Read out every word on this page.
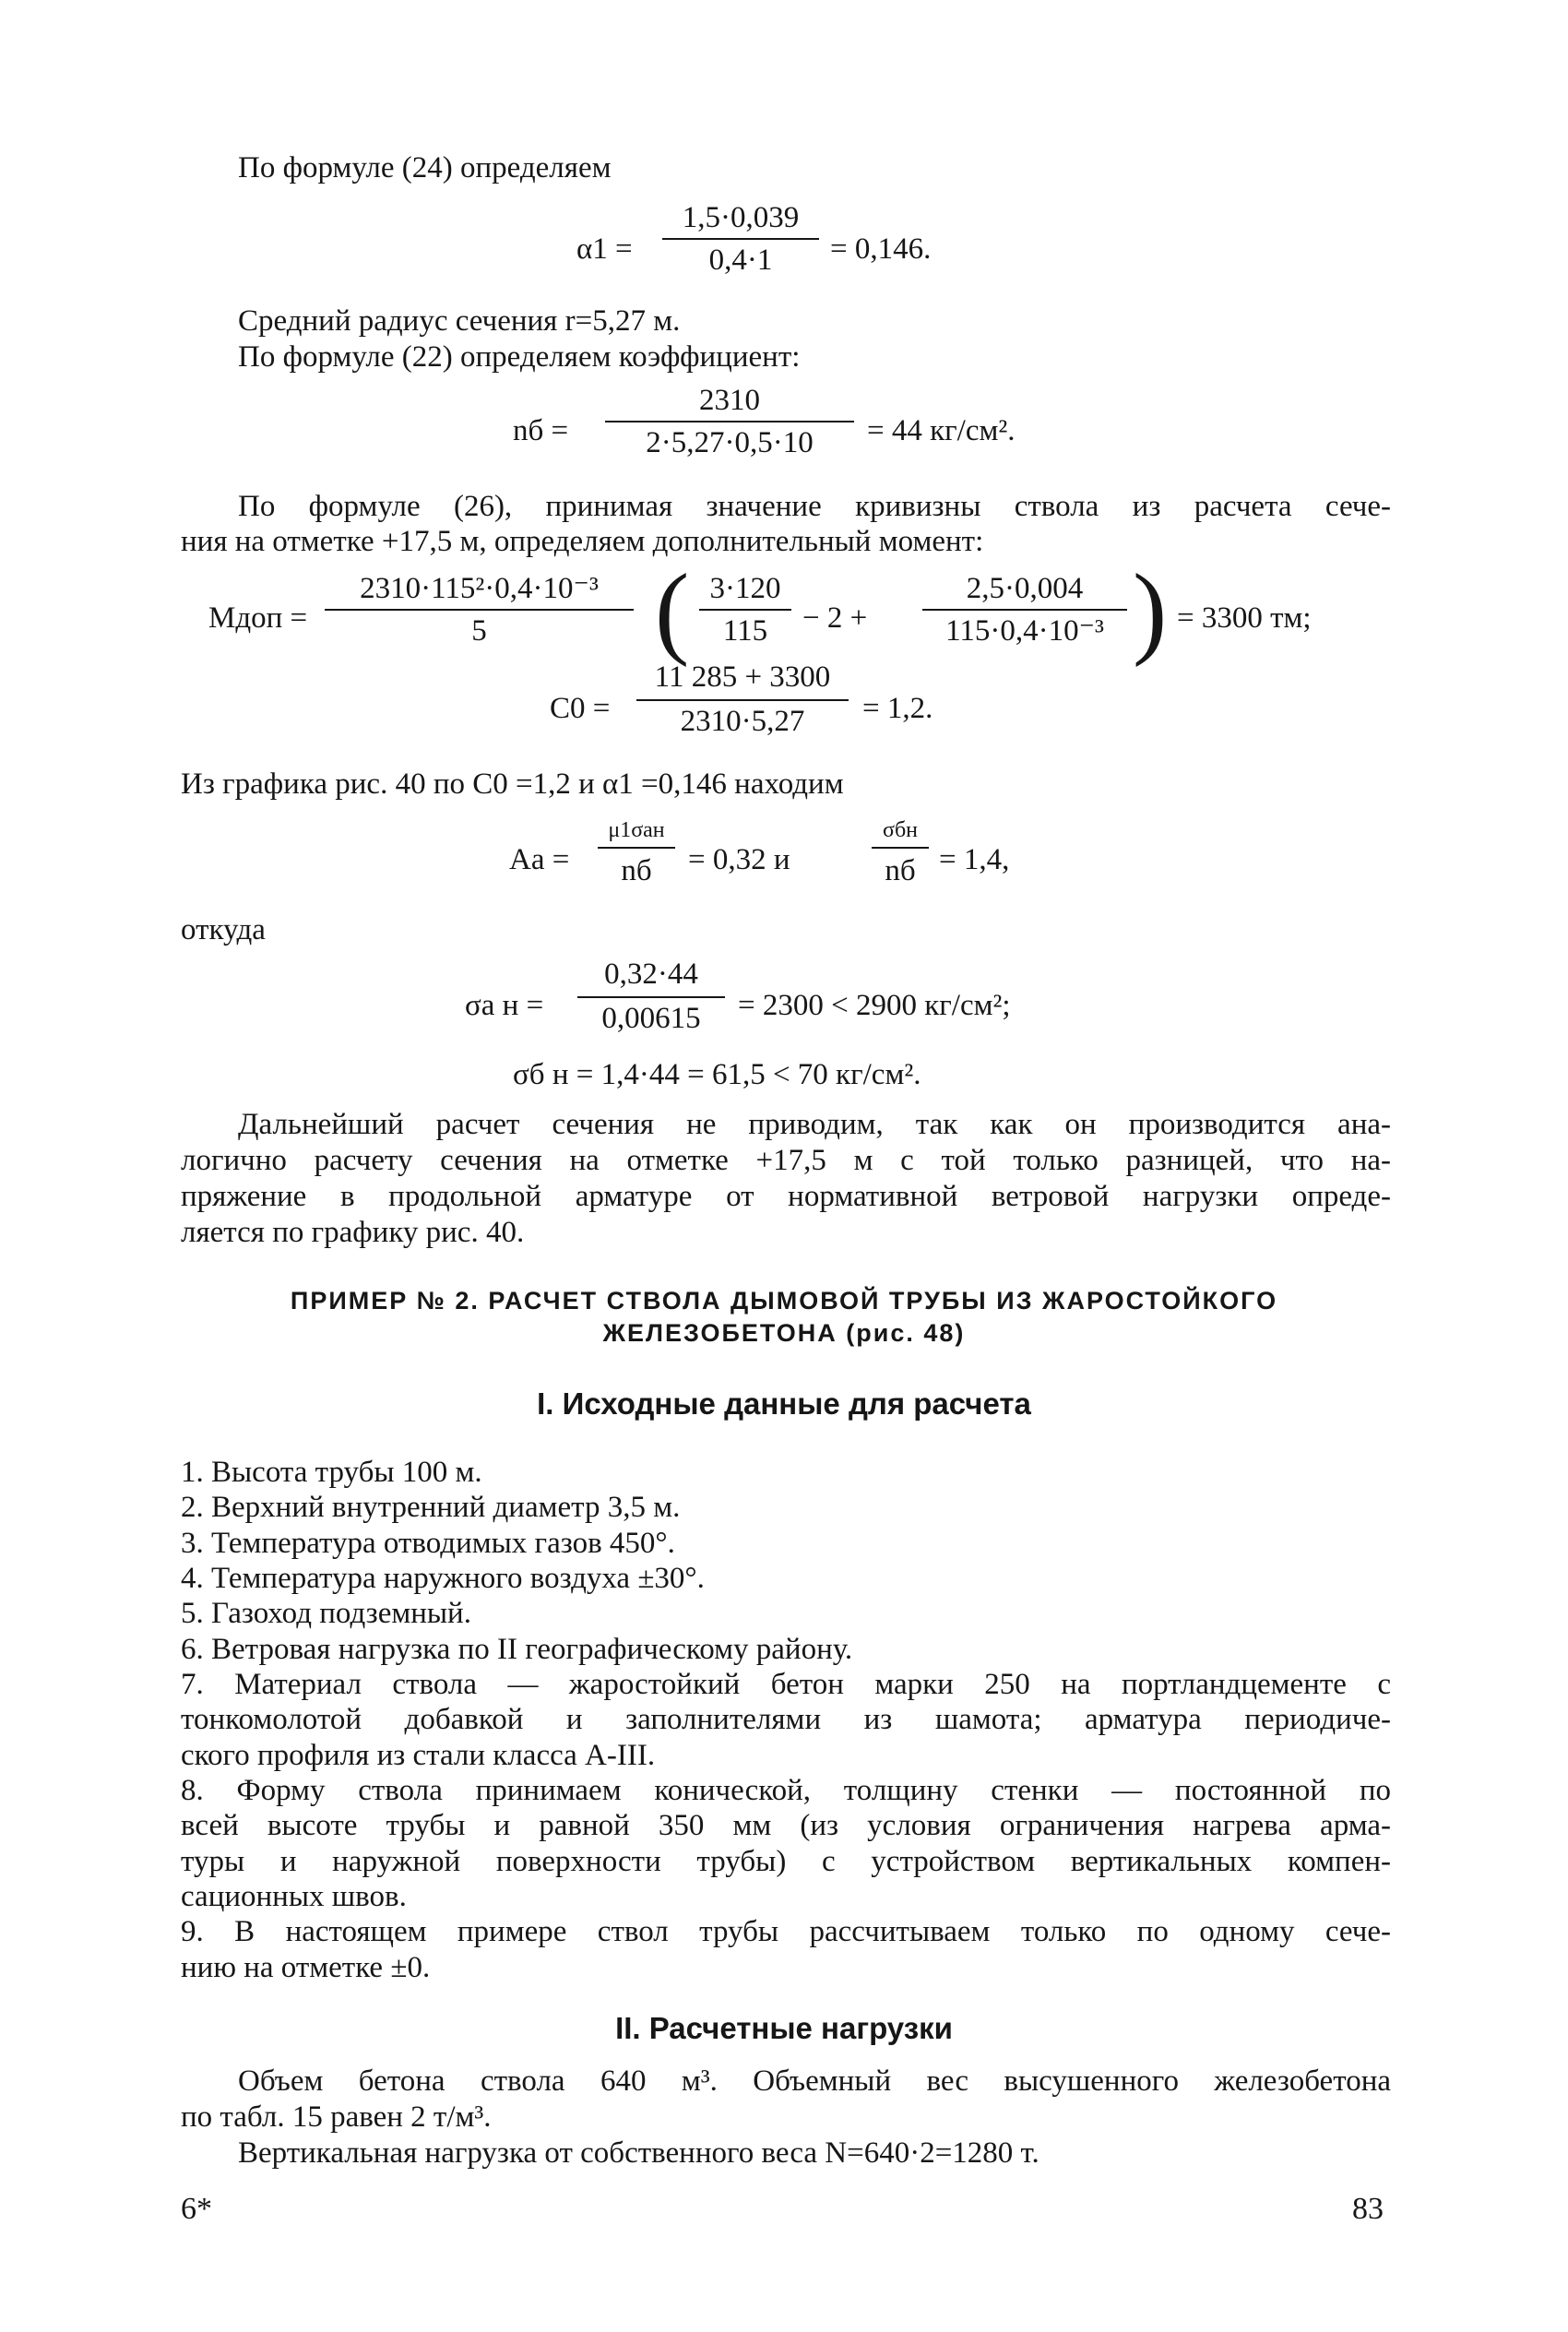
По формуле (24) определяем
α1 =
1,5·0,039
0,4·1	= 0,146.
Средний радиус сечения r=5,27 м.
По формуле (22) определяем коэффициент:
nб =
2310
2·5,27·0,5·10	= 44 кг/см².
По формуле (26), принимая значение кривизны ствола из расчета сече-
ния на отметке +17,5 м, определяем дополнительный момент:
Mдоп =
2310·115²·0,4·10⁻³
5	( 3·120
115	− 2 +
2,5·0,004
115·0,4·10⁻³ ) = 3300 тм;
C0 =
11 285 + 3300
2310·5,27	= 1,2.
Из графика рис. 40 по C0 =1,2 и α1 =0,146 находим
Aа =
μ1σан
nб	= 0,32 и
σбн
nб = 1,4,
откуда
σа н =
0,32·44
0,00615	= 2300 < 2900 кг/см²;
σб н = 1,4·44 = 61,5 < 70 кг/см².
Дальнейший расчет сечения не приводим, так как он производится ана-
логично расчету сечения на отметке +17,5 м с той только разницей, что на-
пряжение в продольной арматуре от нормативной ветровой нагрузки опреде-
ляется по графику рис. 40.
ПРИМЕР № 2. РАСЧЕТ СТВОЛА ДЫМОВОЙ ТРУБЫ ИЗ ЖАРОСТОЙКОГО
ЖЕЛЕЗОБЕТОНА (рис. 48)
I. Исходные данные для расчета
1. Высота трубы 100 м.
2. Верхний внутренний диаметр 3,5 м.
3. Температура отводимых газов 450°.
4. Температура наружного воздуха ±30°.
5. Газоход подземный.
6. Ветровая нагрузка по II географическому району.
7. Материал ствола — жаростойкий бетон марки 250 на портландцементе с
тонкомолотой добавкой и заполнителями из шамота; арматура периодиче-
ского профиля из стали класса А-III.
8. Форму ствола принимаем конической, толщину стенки — постоянной по
всей высоте трубы и равной 350 мм (из условия ограничения нагрева арма-
туры и наружной поверхности трубы) с устройством вертикальных компен-
сационных швов.
9. В настоящем примере ствол трубы рассчитываем только по одному сече-
нию на отметке ±0.
II. Расчетные нагрузки
Объем бетона ствола 640 м³. Объемный вес высушенного железобетона
по табл. 15 равен 2 т/м³.
Вертикальная нагрузка от собственного веса N=640·2=1280 т.
6*	83
